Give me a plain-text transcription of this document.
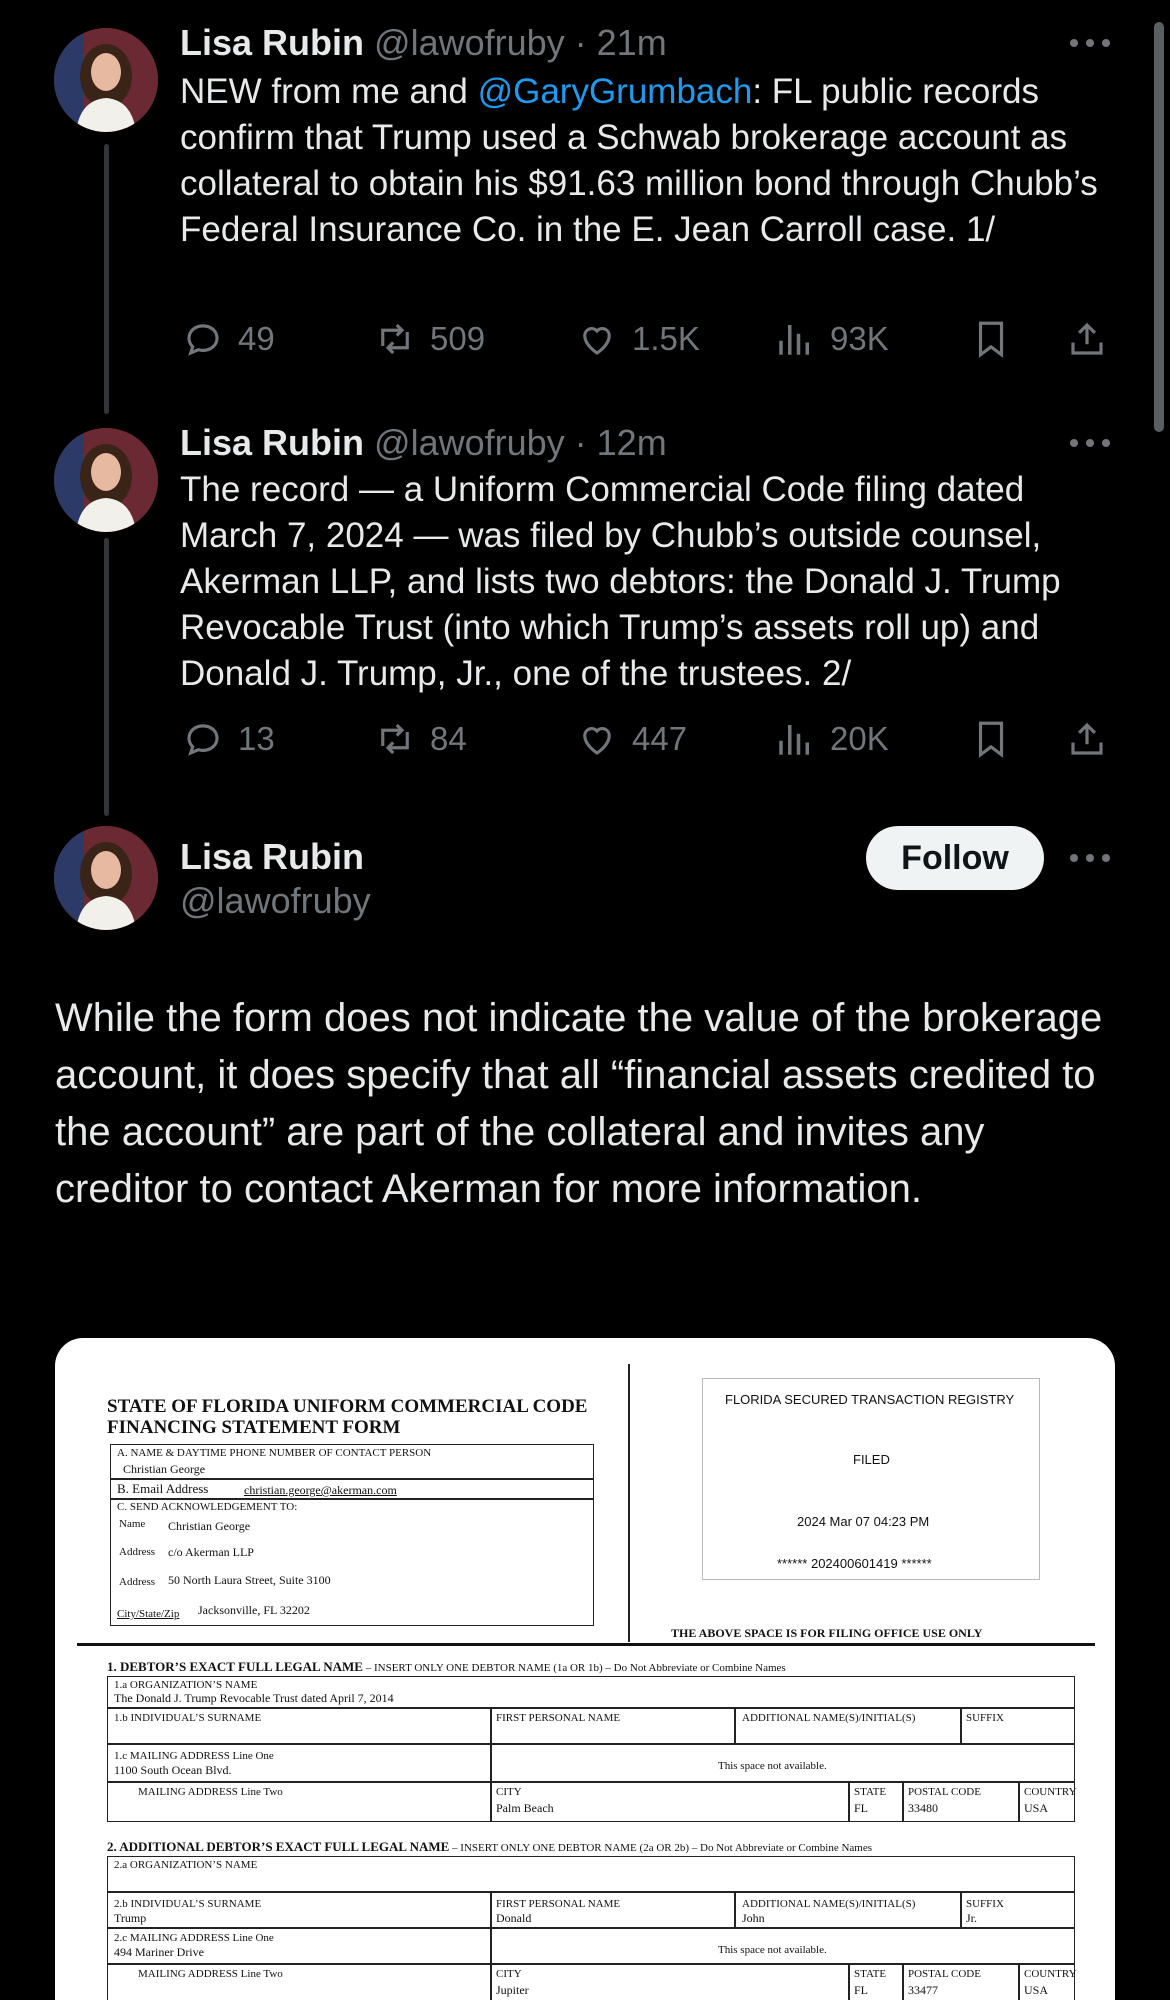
Lisa Rubin @lawofruby · 21m
NEW from me and @GaryGrumbach: FL public records confirm that Trump used a Schwab brokerage account as collateral to obtain his $91.63 million bond through Chubb’s Federal Insurance Co. in the E. Jean Carroll case. 1/
49	509	1.5K	93K
Lisa Rubin @lawofruby · 12m
The record — a Uniform Commercial Code filing dated March 7, 2024 — was filed by Chubb’s outside counsel, Akerman LLP, and lists two debtors: the Donald J. Trump Revocable Trust (into which Trump’s assets roll up) and Donald J. Trump, Jr., one of the trustees. 2/
13	84	447	20K
Lisa Rubin
@lawofruby
Follow
While the form does not indicate the value of the brokerage account, it does specify that all “financial assets credited to the account” are part of the collateral and invites any creditor to contact Akerman for more information.
STATE OF FLORIDA UNIFORM COMMERCIAL CODE
FINANCING STATEMENT FORM
A. NAME & DAYTIME PHONE NUMBER OF CONTACT PERSON
Christian George
B. Email Address	christian.george@akerman.com
C. SEND ACKNOWLEDGEMENT TO:
Name Christian George
Address c/o Akerman LLP
Address 50 North Laura Street, Suite 3100
City/State/Zip Jacksonville, FL 32202
FLORIDA SECURED TRANSACTION REGISTRY
FILED
2024 Mar 07 04:23 PM
****** 202400601419 ******
THE ABOVE SPACE IS FOR FILING OFFICE USE ONLY
1. DEBTOR’S EXACT FULL LEGAL NAME – INSERT ONLY ONE DEBTOR NAME (1a OR 1b) – Do Not Abbreviate or Combine Names
1.a ORGANIZATION’S NAME
The Donald J. Trump Revocable Trust dated April 7, 2014
1.b INDIVIDUAL’S SURNAME	FIRST PERSONAL NAME	ADDITIONAL NAME(S)/INITIAL(S)	SUFFIX
1.c MAILING ADDRESS Line One
1100 South Ocean Blvd.	This space not available.
MAILING ADDRESS Line Two	CITY
Palm Beach
STATE
FL
POSTAL CODE
33480
COUNTRY
USA
2. ADDITIONAL DEBTOR’S EXACT FULL LEGAL NAME – INSERT ONLY ONE DEBTOR NAME (2a OR 2b) – Do Not Abbreviate or Combine Names
2.a ORGANIZATION’S NAME
2.b INDIVIDUAL’S SURNAME
Trump
FIRST PERSONAL NAME
Donald
ADDITIONAL NAME(S)/INITIAL(S)
John
SUFFIX
Jr.
2.c MAILING ADDRESS Line One
494 Mariner Drive	This space not available.
MAILING ADDRESS Line Two	CITY
Jupiter
STATE
FL
POSTAL CODE
33477
COUNTRY
USA
